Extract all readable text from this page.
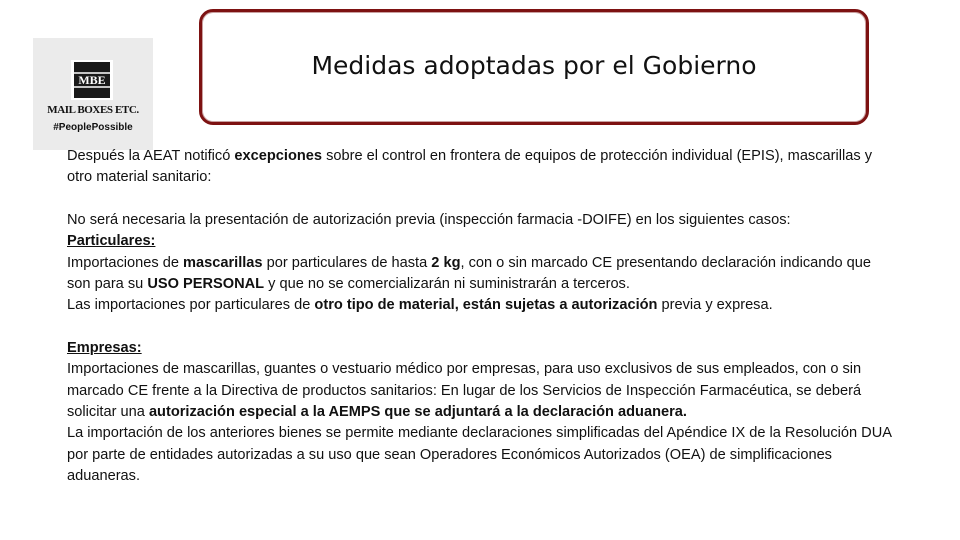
MBE
MAIL BOXES ETC.
#PeoplePossible
Medidas adoptadas por el Gobierno

Después la AEAT notificó excepciones sobre el control en frontera de equipos de protección individual (EPIS), mascarillas y otro material sanitario:

No será necesaria la presentación de autorización previa (inspección farmacia -DOIFE) en los siguientes casos:

Particulares:

Importaciones de mascarillas por particulares de hasta 2 kg, con o sin marcado CE presentando declaración indicando que son para su USO PERSONAL y que no se comercializarán ni suministrarán a terceros.

Las importaciones por particulares de otro tipo de material, están sujetas a autorización previa y expresa.

Empresas:

Importaciones de mascarillas, guantes o vestuario médico por empresas, para uso exclusivos de sus empleados, con o sin marcado CE frente a la Directiva de productos sanitarios: En lugar de los Servicios de Inspección Farmacéutica, se deberá solicitar una autorización especial a la AEMPS que se adjuntará a la declaración aduanera.

La importación de los anteriores bienes se permite mediante declaraciones simplificadas del Apéndice IX de la Resolución DUA por parte de entidades autorizadas a su uso que sean Operadores Económicos Autorizados (OEA) de simplificaciones aduaneras.
